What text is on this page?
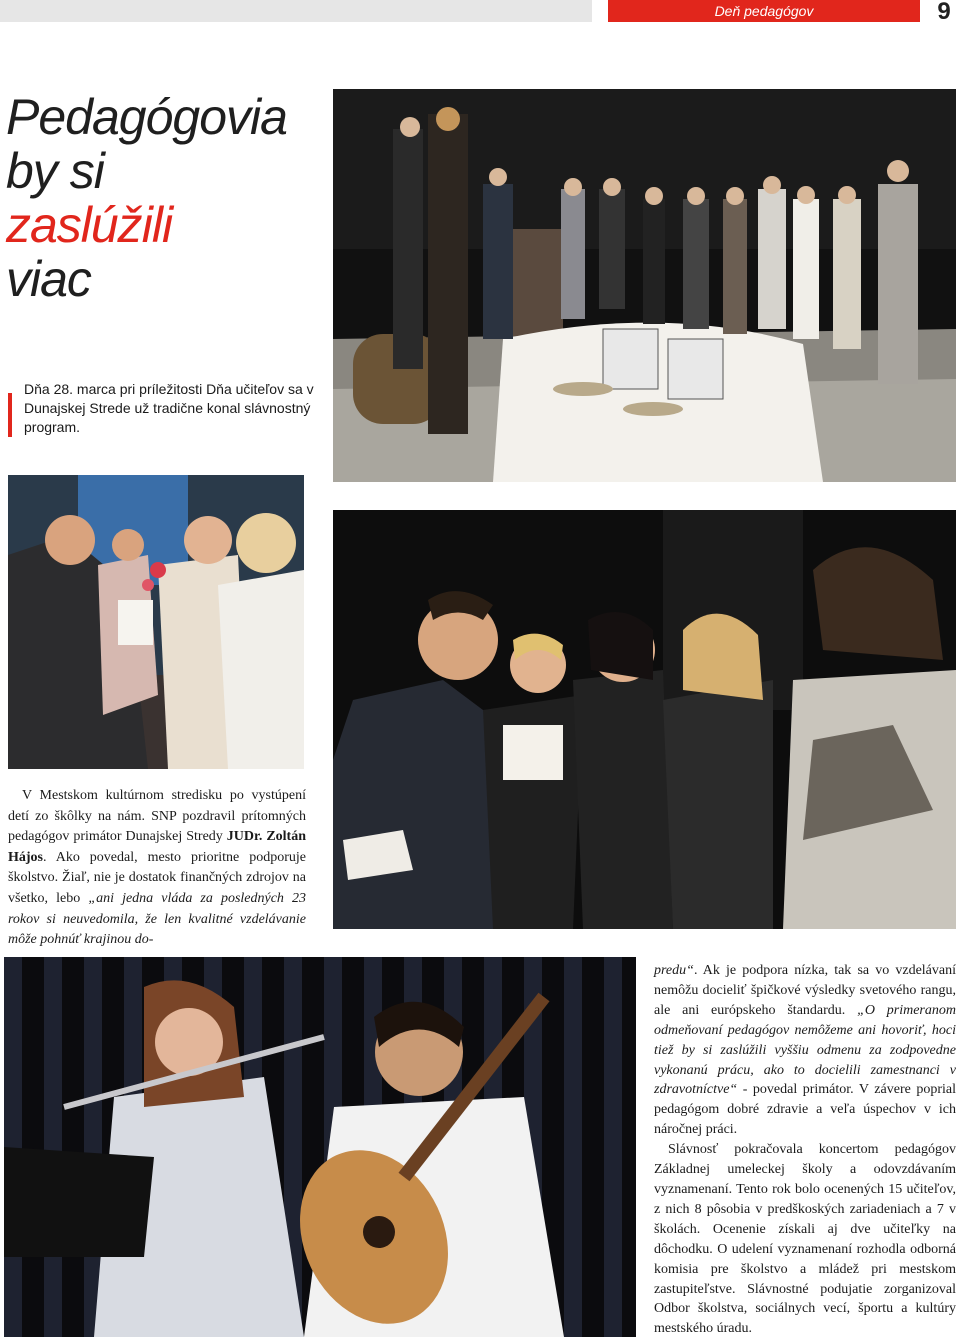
Deň pedagógov	9
Pedagógovia
by si
zaslúžili
viac
Dňa 28. marca pri príležitosti Dňa učiteľov sa v Dunajskej Strede už tradične konal slávnostný program.

V Mestskom kultúrnom stredisku po vystúpení detí zo škôlky na nám. SNP pozdravil prítomných pedagógov primátor Dunajskej Stredy JUDr. Zoltán Hájos. Ako povedal, mesto prioritne podporuje školstvo. Žiaľ, nie je dostatok finančných zdrojov na všetko, lebo „ani jedna vláda za posledných 23 rokov si neuvedomila, že len kvalitné vzdelávanie môže pohnúť krajinou do-

predu“. Ak je podpora nízka, tak sa vo vzdelávaní nemôžu docieliť špičkové výsledky svetového rangu, ale ani európskeho štandardu. „O primeranom odmeňovaní pedagógov nemôžeme ani hovoriť, hoci tiež by si zaslúžili vyššiu odmenu za zodpovedne vykonanú prácu, ako to docielili zamestnanci v zdravotníctve“ - povedal primátor. V závere poprial pedagógom dobré zdravie a veľa úspechov v ich náročnej práci.

Slávnosť pokračovala koncertom pedagógov Základnej umeleckej školy a odovzdávaním vyznamenaní. Tento rok bolo ocenených 15 učiteľov, z nich 8 pôsobia v predškoských zariadeniach a 7 v školách. Ocenenie získali aj dve učiteľky na dôchodku. O udelení vyznamenaní rozhodla odborná komisia pre školstvo a mládež pri mestskom zastupiteľstve. Slávnostné podujatie zorganizoval Odbor školstva, sociálnych vecí, športu a kultúry mestského úradu.
